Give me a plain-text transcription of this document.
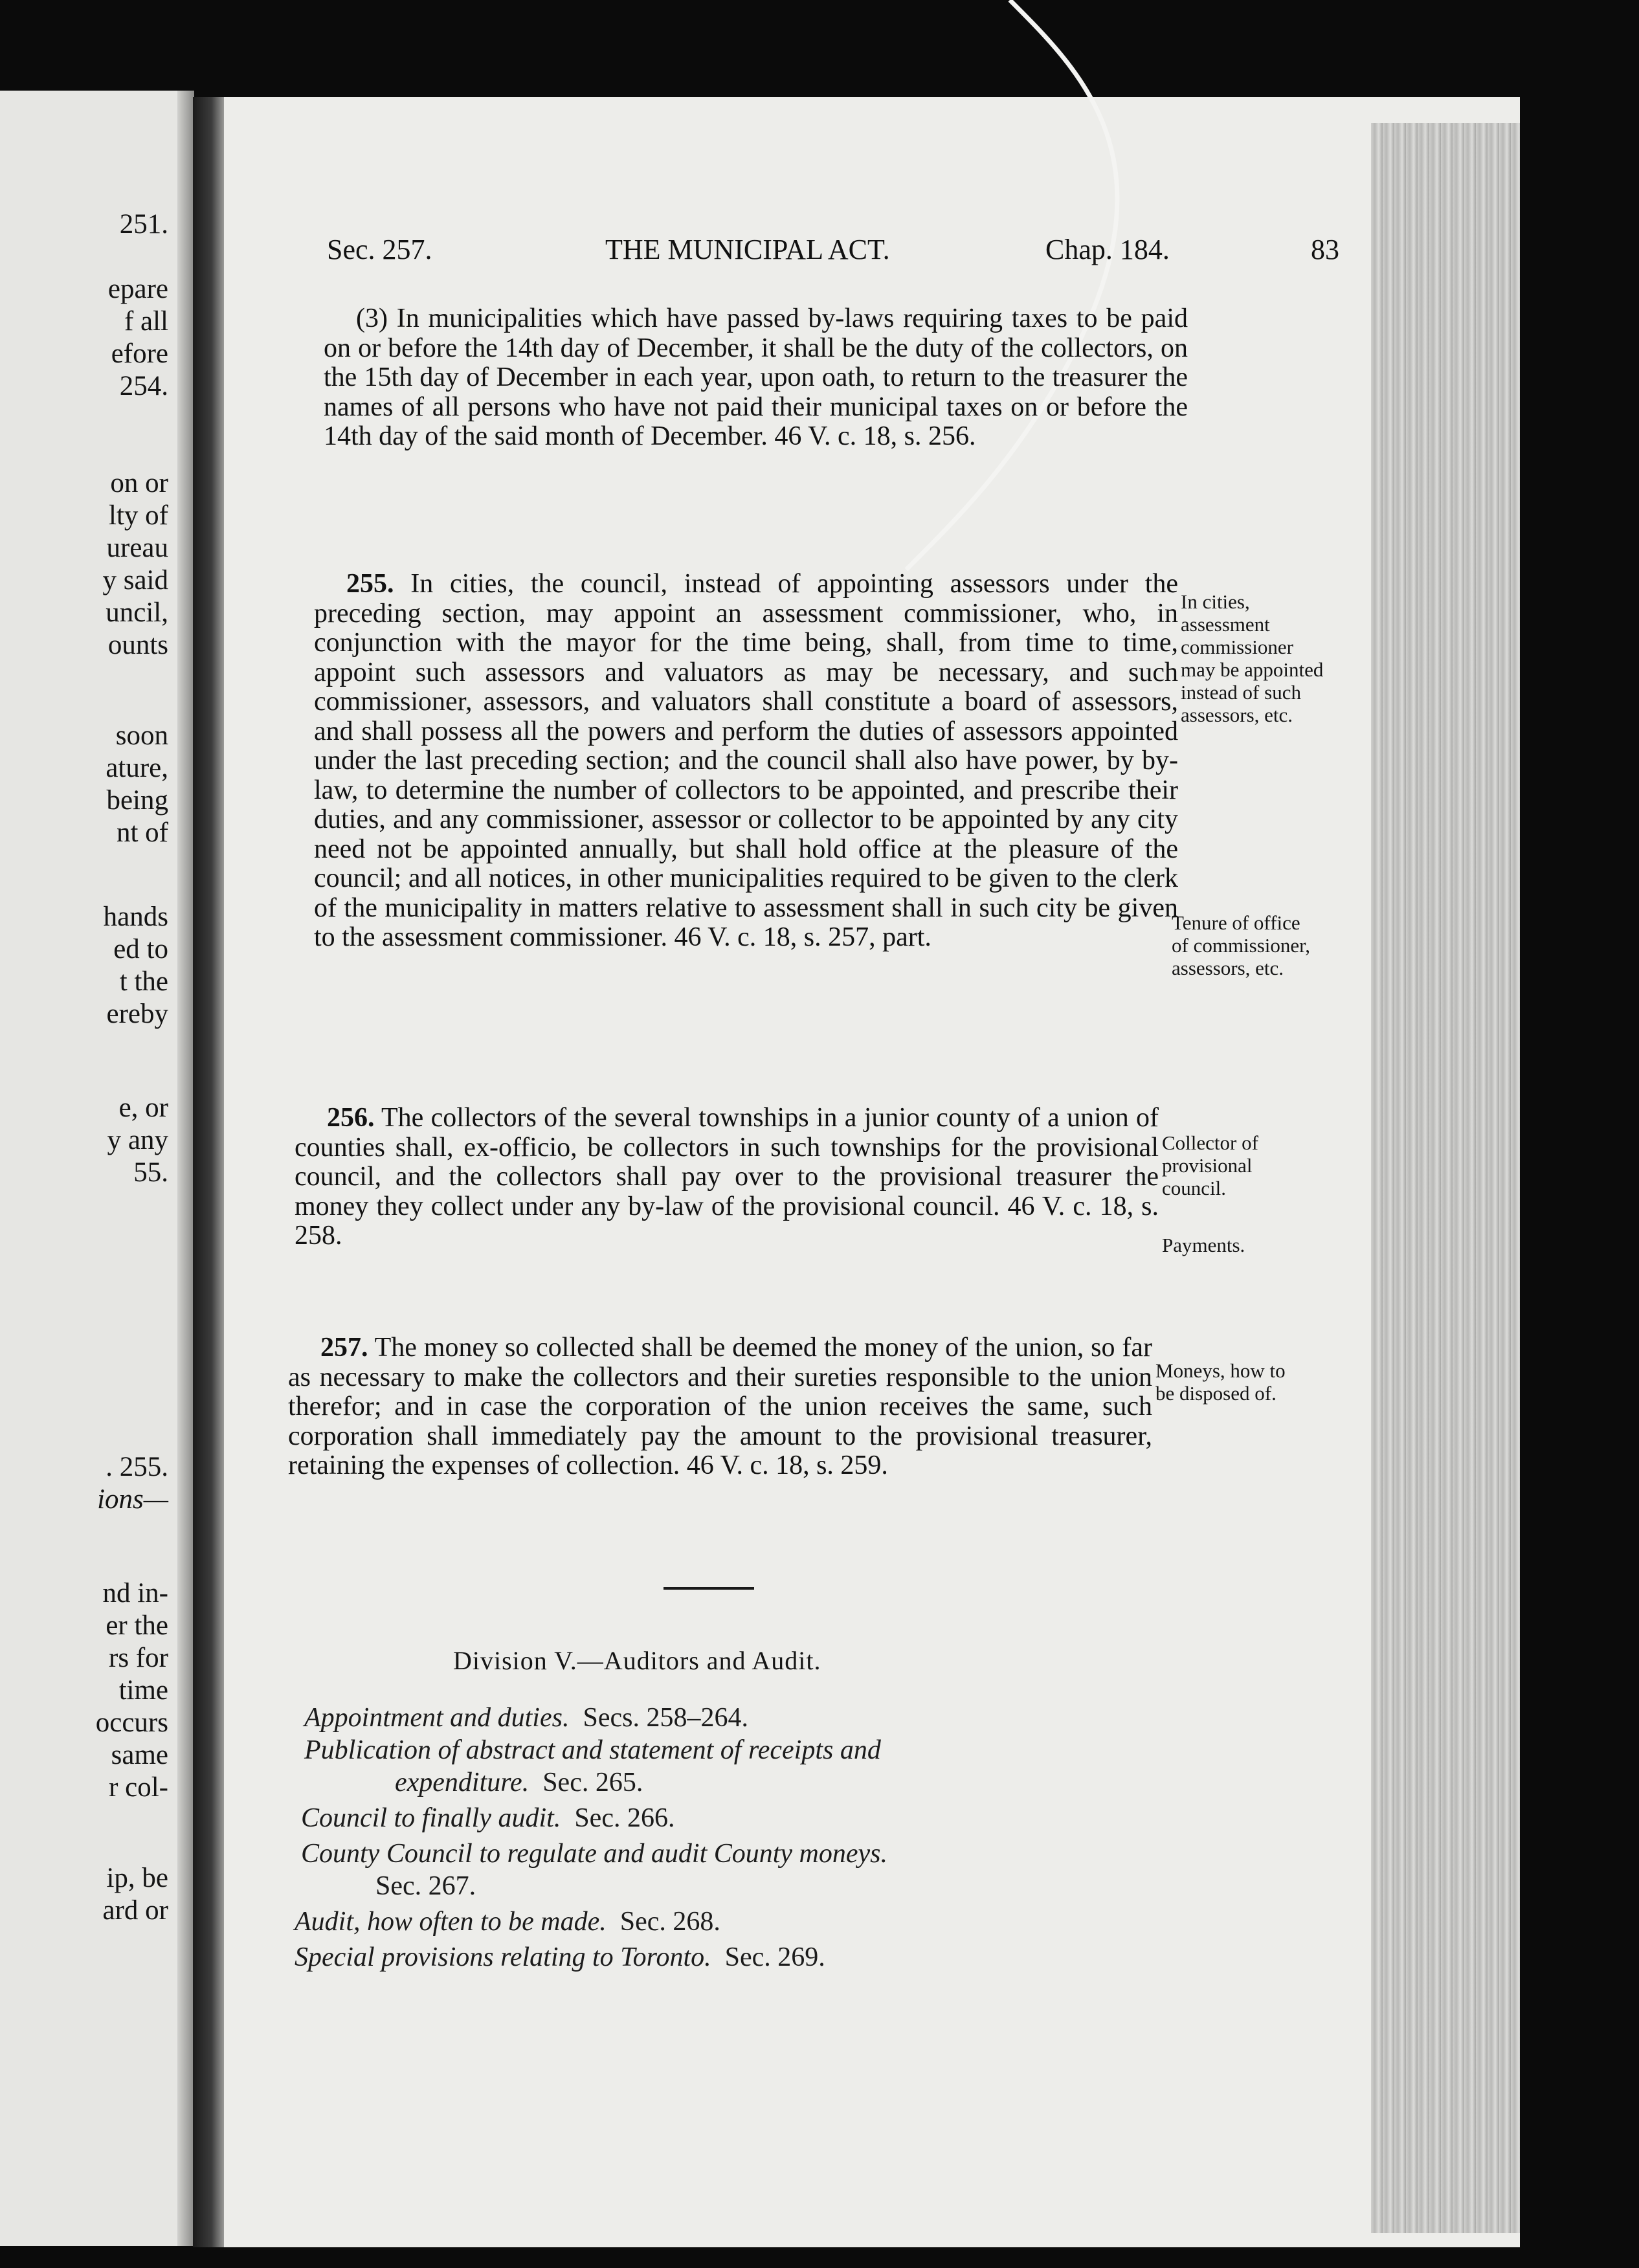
251.
epare
f all
efore
254.
on or
lty of
ureau
y said
uncil,
ounts
soon
ature,
being
nt of
hands
ed to
t the
ereby
e, or
y any
55.
. 255.
ions—
nd in-
er the
rs for
time
occurs
same
r col-
ip, be
ard or
Sec. 257.	THE MUNICIPAL ACT.	Chap. 184.	83
(3) In municipalities which have passed by-laws requiring taxes to be paid on or before the 14th day of December, it shall be the duty of the collectors, on the 15th day of December in each year, upon oath, to return to the treasurer the names of all persons who have not paid their municipal taxes on or before the 14th day of the said month of December. 46 V. c. 18, s. 256.
255. In cities, the council, instead of appointing assessors under the preceding section, may appoint an assessment commissioner, who, in conjunction with the mayor for the time being, shall, from time to time, appoint such assessors and valuators as may be necessary, and such commissioner, assessors, and valuators shall constitute a board of assessors, and shall possess all the powers and perform the duties of assessors appointed under the last preceding section; and the council shall also have power, by by-law, to determine the number of collectors to be appointed, and prescribe their duties, and any commissioner, assessor or collector to be appointed by any city need not be appointed annually, but shall hold office at the pleasure of the council; and all notices, in other municipalities required to be given to the clerk of the municipality in matters relative to assessment shall in such city be given to the assessment commissioner. 46 V. c. 18, s. 257, part.
256. The collectors of the several townships in a junior county of a union of counties shall, ex-officio, be collectors in such townships for the provisional council, and the collectors shall pay over to the provisional treasurer the money they collect under any by-law of the provisional council. 46 V. c. 18, s. 258.
257. The money so collected shall be deemed the money of the union, so far as necessary to make the collectors and their sureties responsible to the union therefor; and in case the corporation of the union receives the same, such corporation shall immediately pay the amount to the provisional treasurer, retaining the expenses of collection. 46 V. c. 18, s. 259.
In cities, assessment commissioner may be appointed instead of such assessors, etc.
Tenure of office of commissioner, assessors, etc.
Collector of provisional council.
Payments.
Moneys, how to be disposed of.
Division V.—Auditors and Audit.
Appointment and duties. Secs. 258–264.
Publication of abstract and statement of receipts and
expenditure. Sec. 265.
Council to finally audit. Sec. 266.
County Council to regulate and audit County moneys.
Sec. 267.
Audit, how often to be made. Sec. 268.
Special provisions relating to Toronto. Sec. 269.
